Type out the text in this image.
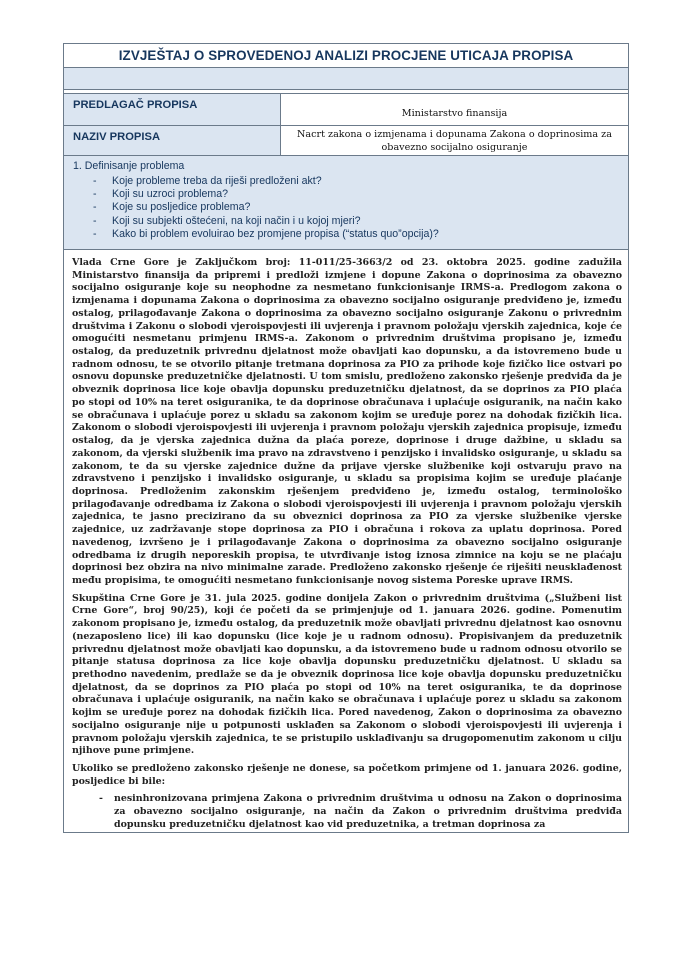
IZVJEŠTAJ O SPROVEDENOJ ANALIZI PROCJENE UTICAJA PROPISA
PREDLAGAČ PROPISA
Ministarstvo finansija
NAZIV PROPISA	Nacrt zakona o izmjenama i dopunama Zakona o doprinosima za obavezno socijalno osiguranje
1. Definisanje problema
- Koje probleme treba da riješi predloženi akt?
- Koji su uzroci problema?
- Koje su posljedice problema?
- Koji su subjekti oštećeni, na koji način i u kojoj mjeri?
- Kako bi problem evoluirao bez promjene propisa (“status quo”opcija)?

Vlada Crne Gore je Zaključkom broj: 11-011/25-3663/2 od 23. oktobra 2025. godine zadužila Ministarstvo finansija da pripremi i predloži izmjene i dopune Zakona o doprinosima za obavezno socijalno osiguranje koje su neophodne za nesmetano funkcionisanje IRMS-a. Predlogom zakona o izmjenama i dopunama Zakona o doprinosima za obavezno socijalno osiguranje predviđeno je, između ostalog, prilagođavanje Zakona o doprinosima za obavezno socijalno osiguranje Zakonu o privrednim društvima i Zakonu o slobodi vjeroispovjesti ili uvjerenja i pravnom položaju vjerskih zajednica, koje će omogućiti nesmetanu primjenu IRMS-a. Zakonom o privrednim društvima propisano je, između ostalog, da preduzetnik privrednu djelatnost može obavljati kao dopunsku, a da istovremeno bude u radnom odnosu, te se otvorilo pitanje tretmana doprinosa za PIO za prihode koje fizičko lice ostvari po osnovu dopunske preduzetničke djelatnosti. U tom smislu, predloženo zakonsko rješenje predviđa da je obveznik doprinosa lice koje obavlja dopunsku preduzetničku djelatnost, da se doprinos za PIO plaća po stopi od 10% na teret osiguranika, te da doprinose obračunava i uplaćuje osiguranik, na način kako se obračunava i uplaćuje porez u skladu sa zakonom kojim se uređuje porez na dohodak fizičkih lica. Zakonom o slobodi vjeroispovjesti ili uvjerenja i pravnom položaju vjerskih zajednica propisuje, između ostalog, da je vjerska zajednica dužna da plaća poreze, doprinose i druge dažbine, u skladu sa zakonom, da vjerski službenik ima pravo na zdravstveno i penzijsko i invalidsko osiguranje, u skladu sa zakonom, te da su vjerske zajednice dužne da prijave vjerske službenike koji ostvaruju pravo na zdravstveno i penzijsko i invalidsko osiguranje, u skladu sa propisima kojim se uređuje plaćanje doprinosa. Predloženim zakonskim rješenjem predviđeno je, između ostalog, terminološko prilagođavanje odredbama iz Zakona o slobodi vjeroispovjesti ili uvjerenja i pravnom položaju vjerskih zajednica, te jasno precizirano da su obveznici doprinosa za PIO za vjerske službenike vjerske zajednice, uz zadržavanje stope doprinosa za PIO i obračuna i rokova za uplatu doprinosa. Pored navedenog, izvršeno je i prilagođavanje Zakona o doprinosima za obavezno socijalno osiguranje odredbama iz drugih neporeskih propisa, te utvrđivanje istog iznosa zimnice na koju se ne plaćaju doprinosi bez obzira na nivo minimalne zarade. Predloženo zakonsko rješenje će riješiti neusklađenost među propisima, te omogućiti nesmetano funkcionisanje novog sistema Poreske uprave IRMS.

Skupština Crne Gore je 31. jula 2025. godine donijela Zakon o privrednim društvima („Službeni list Crne Gore“, broj 90/25), koji će početi da se primjenjuje od 1. januara 2026. godine. Pomenutim zakonom propisano je, između ostalog, da preduzetnik može obavljati privrednu djelatnost kao osnovnu (nezaposleno lice) ili kao dopunsku (lice koje je u radnom odnosu). Propisivanjem da preduzetnik privrednu djelatnost može obavljati kao dopunsku, a da istovremeno bude u radnom odnosu otvorilo se pitanje statusa doprinosa za lice koje obavlja dopunsku preduzetničku djelatnost. U skladu sa prethodno navedenim, predlaže se da je obveznik doprinosa lice koje obavlja dopunsku preduzetničku djelatnost, da se doprinos za PIO plaća po stopi od 10% na teret osiguranika, te da doprinose obračunava i uplaćuje osiguranik, na način kako se obračunava i uplaćuje porez u skladu sa zakonom kojim se uređuje porez na dohodak fizičkih lica. Pored navedenog, Zakon o doprinosima za obavezno socijalno osiguranje nije u potpunosti usklađen sa Zakonom o slobodi vjeroispovjesti ili uvjerenja i pravnom položaju vjerskih zajednica, te se pristupilo usklađivanju sa drugopomenutim zakonom u cilju njihove pune primjene.

Ukoliko se predloženo zakonsko rješenje ne donese, sa početkom primjene od 1. januara 2026. godine, posljedice bi bile:

- nesinhronizovana primjena Zakona o privrednim društvima u odnosu na Zakon o doprinosima za obavezno socijalno osiguranje, na način da Zakon o privrednim društvima predviđa dopunsku preduzetničku djelatnost kao vid preduzetnika, a tretman doprinosa za
